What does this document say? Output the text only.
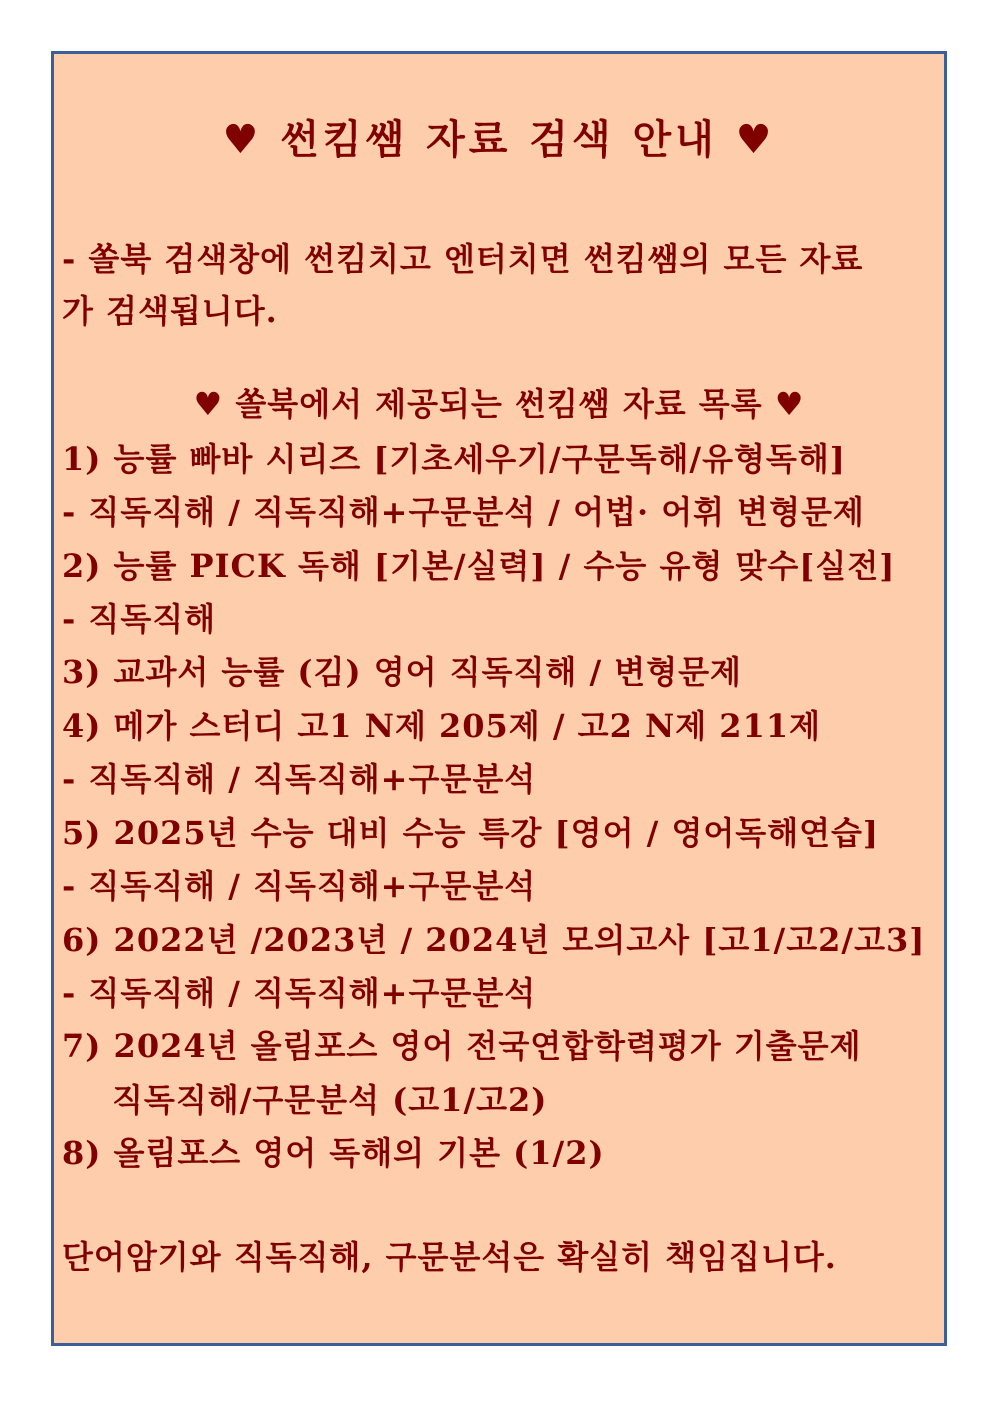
♥ 썬킴쌤 자료 검색 안내 ♥
- 쏠북 검색창에 썬킴치고 엔터치면 썬킴쌤의 모든 자료
가 검색됩니다.
♥ 쏠북에서 제공되는 썬킴쌤 자료 목록 ♥
1) 능률 빠바 시리즈 [기초세우기/구문독해/유형독해]
- 직독직해 / 직독직해+구문분석 / 어법· 어휘 변형문제
2) 능률 PICK 독해 [기본/실력] / 수능 유형 맞수[실전]
- 직독직해
3) 교과서 능률 (김) 영어 직독직해 / 변형문제
4) 메가 스터디 고1 N제 205제 / 고2 N제 211제
- 직독직해 / 직독직해+구문분석
5) 2025년 수능 대비 수능 특강 [영어 / 영어독해연습]
- 직독직해 / 직독직해+구문분석
6) 2022년 /2023년 / 2024년 모의고사 [고1/고2/고3]
- 직독직해 / 직독직해+구문분석
7) 2024년 올림포스 영어 전국연합학력평가 기출문제
직독직해/구문분석 (고1/고2)
8) 올림포스 영어 독해의 기본 (1/2)
단어암기와 직독직해, 구문분석은 확실히 책임집니다.
